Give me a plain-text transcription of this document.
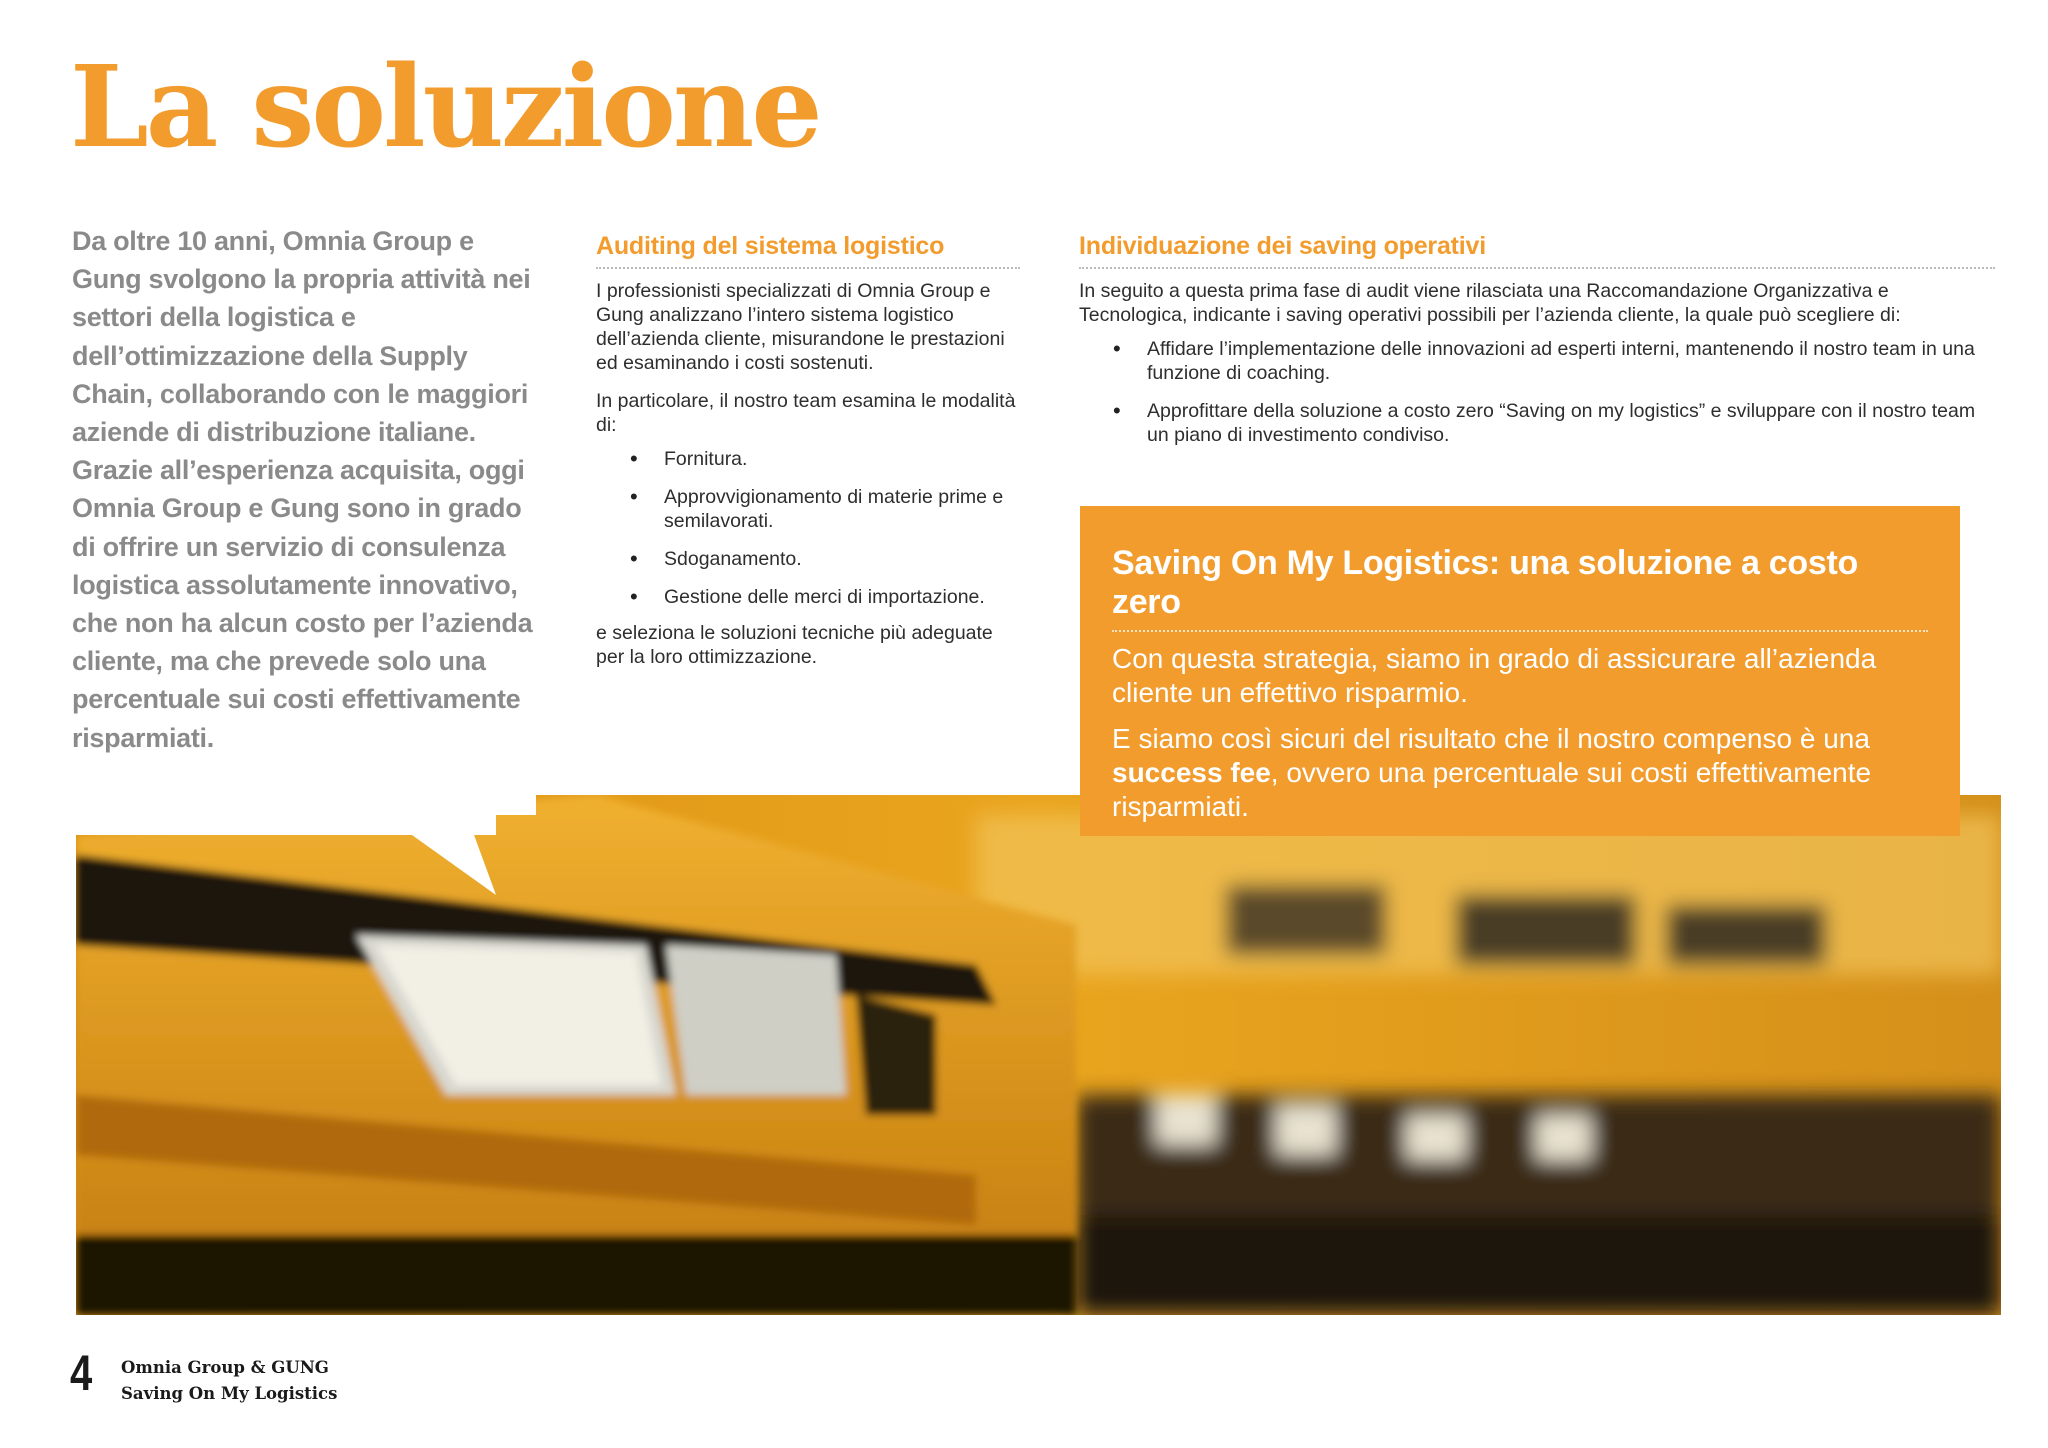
La soluzione

Da oltre 10 anni, Omnia Group e Gung svolgono la propria attività nei settori della logistica e dell’ottimizzazione della Supply Chain, collaborando con le maggiori aziende di distribuzione italiane. Grazie all’esperienza acquisita, oggi Omnia Group e Gung sono in grado di offrire un servizio di consulenza logistica assolutamente innovativo, che non ha alcun costo per l’azienda cliente, ma che prevede solo una percentuale sui costi effettivamente risparmiati.

Auditing del sistema logistico

I professionisti specializzati di Omnia Group e Gung analizzano l’intero sistema logistico dell’azienda cliente, misurandone le prestazioni ed esaminando i costi sostenuti.

In particolare, il nostro team esamina le modalità di:

• Fornitura.
• Approvvigionamento di materie prime e semilavorati.
• Sdoganamento.
• Gestione delle merci di importazione.

e seleziona le soluzioni tecniche più adeguate per la loro ottimizzazione.

Individuazione dei saving operativi

In seguito a questa prima fase di audit viene rilasciata una Raccomandazione Organizzativa e Tecnologica, indicante i saving operativi possibili per l’azienda cliente, la quale può scegliere di:

• Affidare l’implementazione delle innovazioni ad esperti interni, mantenendo il nostro team in una funzione di coaching.
• Approfittare della soluzione a costo zero “Saving on my logistics” e sviluppare con il nostro team un piano di investimento condiviso.
Saving On My Logistics: una soluzione a costo zero

Con questa strategia, siamo in grado di assicurare all’azienda cliente un effettivo risparmio.

E siamo così sicuri del risultato che il nostro compenso è una success fee, ovvero una percentuale sui costi effettivamente risparmiati.

4 Omnia Group & GUNG
Saving On My Logistics
